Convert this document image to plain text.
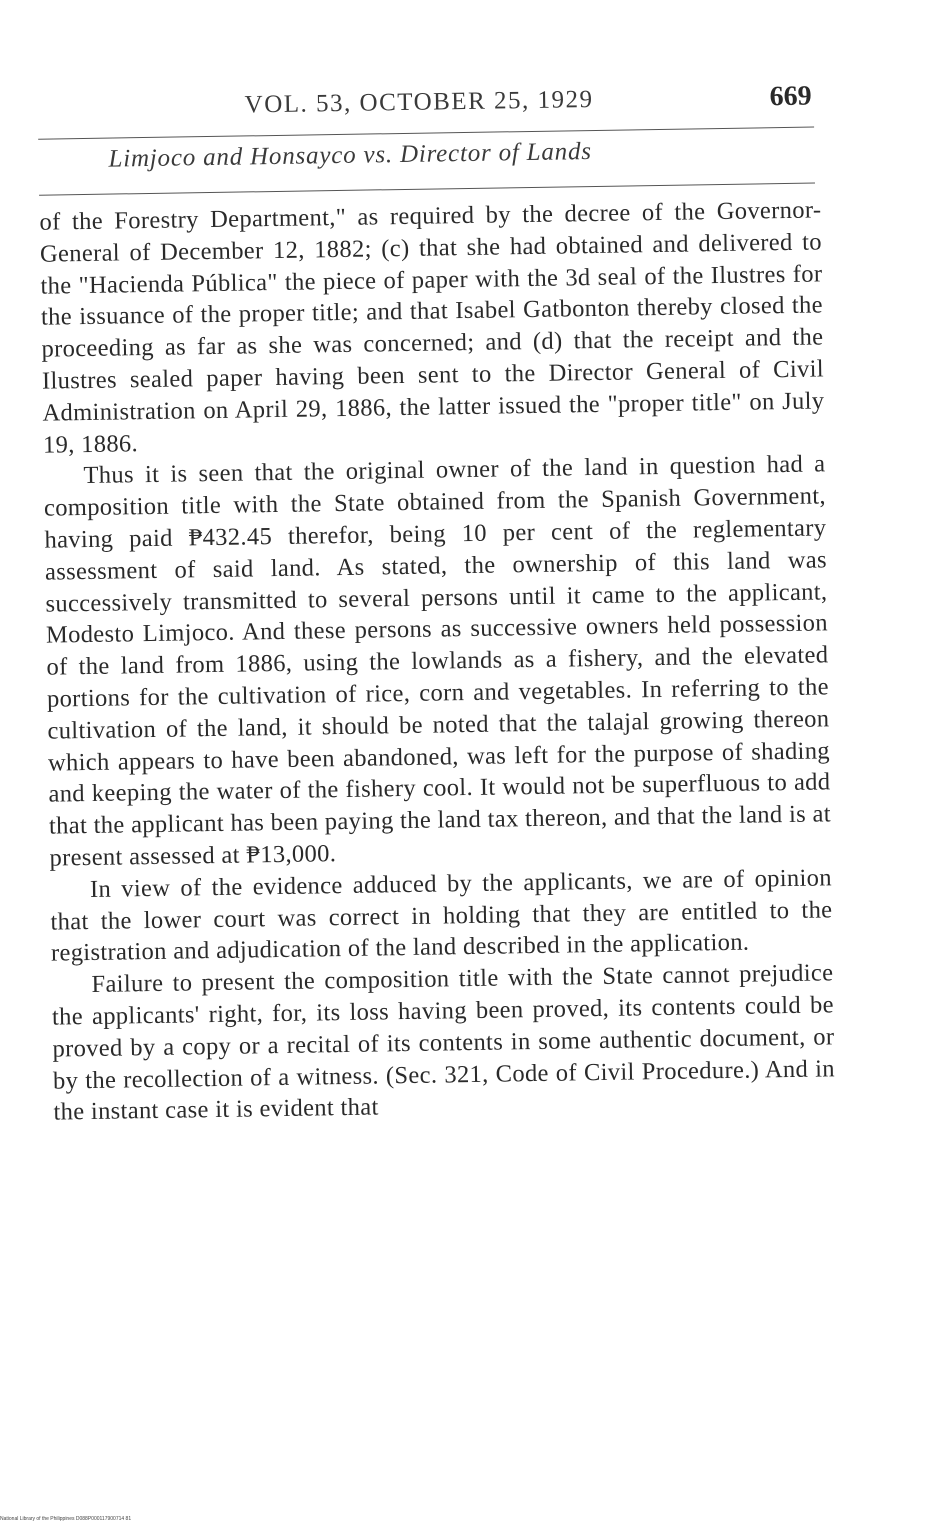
VOL. 53, OCTOBER 25, 1929	669
Limjoco and Honsayco vs. Director of Lands

of the Forestry Department," as required by the decree of the Governor-General of December 12, 1882; (c) that she had obtained and delivered to the "Hacienda Pública" the piece of paper with the 3d seal of the Ilustres for the issuance of the proper title; and that Isabel Gatbonton thereby closed the proceeding as far as she was concerned; and (d) that the receipt and the Ilustres sealed paper having been sent to the Director General of Civil Administration on April 29, 1886, the latter issued the "proper title" on July 19, 1886.

Thus it is seen that the original owner of the land in question had a composition title with the State obtained from the Spanish Government, having paid ₱432.45 therefor, being 10 per cent of the reglementary assessment of said land. As stated, the ownership of this land was successively transmitted to several persons until it came to the applicant, Modesto Limjoco. And these persons as successive owners held possession of the land from 1886, using the lowlands as a fishery, and the elevated portions for the cultivation of rice, corn and vegetables. In referring to the cultivation of the land, it should be noted that the talajal growing thereon which appears to have been abandoned, was left for the purpose of shading and keeping the water of the fishery cool. It would not be superfluous to add that the applicant has been paying the land tax thereon, and that the land is at present assessed at ₱13,000.

In view of the evidence adduced by the applicants, we are of opinion that the lower court was correct in holding that they are entitled to the registration and adjudication of the land described in the application.

Failure to present the composition title with the State cannot prejudice the applicants' right, for, its loss having been proved, its contents could be proved by a copy or a recital of its contents in some authentic document, or by the recollection of a witness. (Sec. 321, Code of Civil Procedure.) And in the instant case it is evident that

National Library of the Philippines D088P000117900714 81
